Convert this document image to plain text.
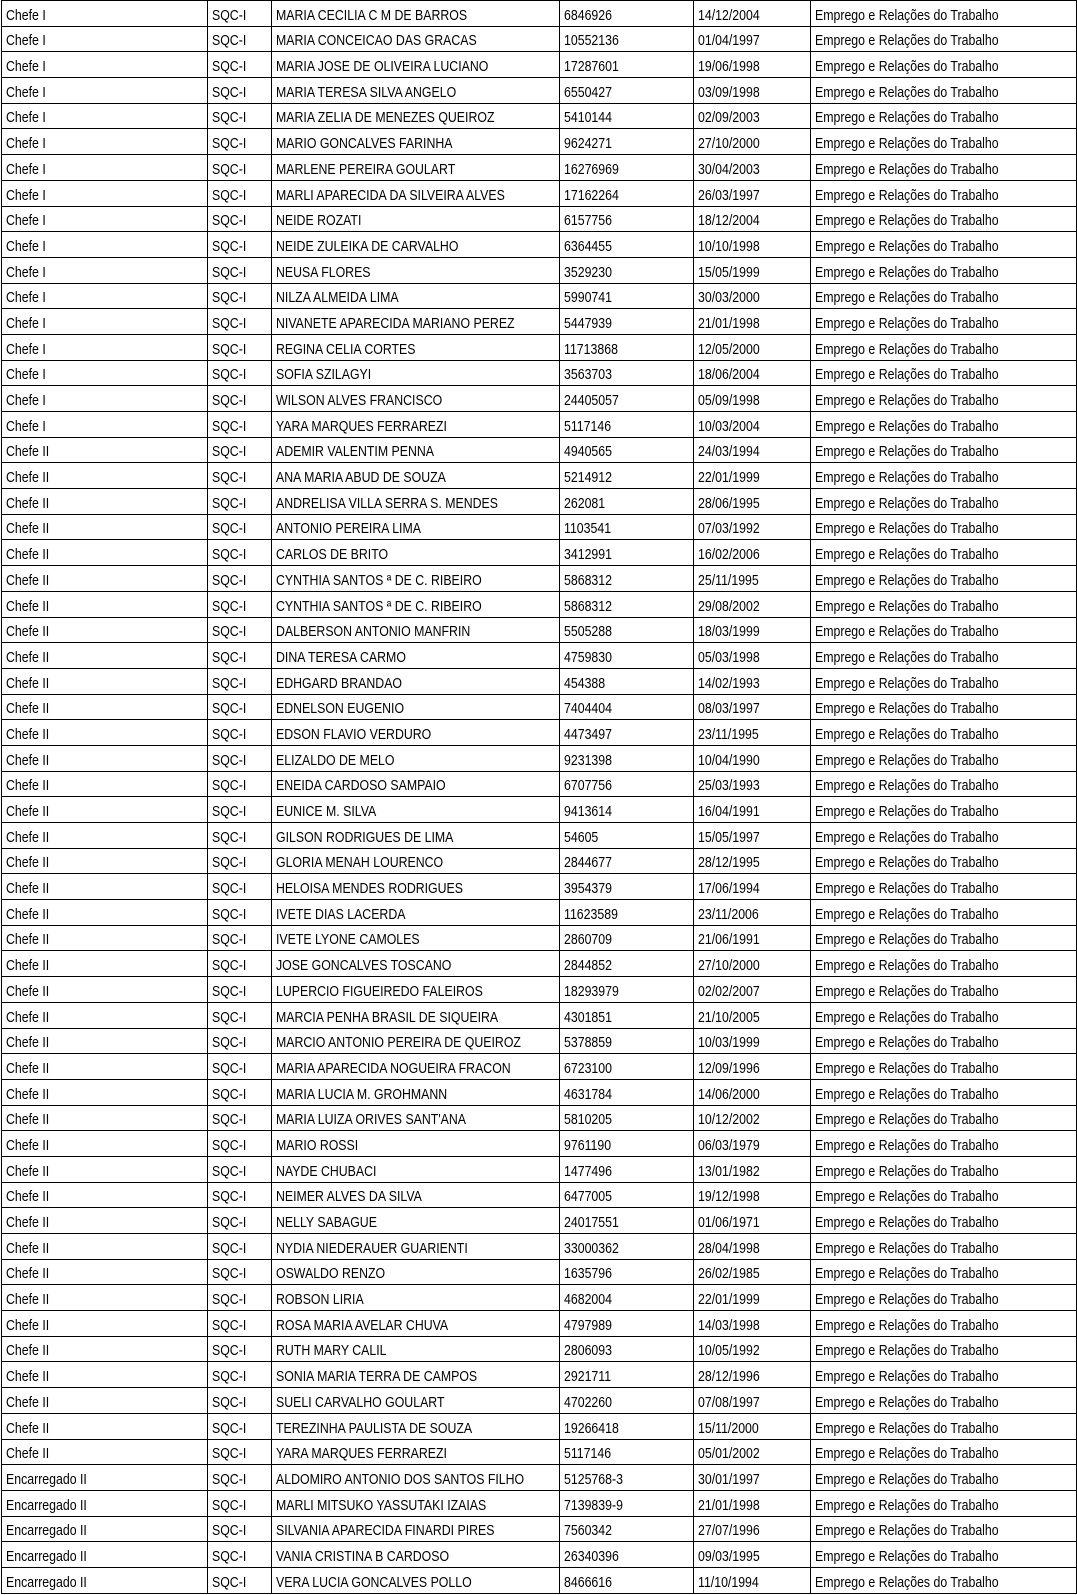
Chefe I	SQC-I	MARIA CECILIA C M DE BARROS	6846926	14/12/2004	Emprego e Relações do Trabalho
Chefe I	SQC-I	MARIA CONCEICAO DAS GRACAS	10552136	01/04/1997	Emprego e Relações do Trabalho
Chefe I	SQC-I	MARIA JOSE DE OLIVEIRA LUCIANO	17287601	19/06/1998	Emprego e Relações do Trabalho
Chefe I	SQC-I	MARIA TERESA SILVA ANGELO	6550427	03/09/1998	Emprego e Relações do Trabalho
Chefe I	SQC-I	MARIA ZELIA DE MENEZES QUEIROZ	5410144	02/09/2003	Emprego e Relações do Trabalho
Chefe I	SQC-I	MARIO GONCALVES FARINHA	9624271	27/10/2000	Emprego e Relações do Trabalho
Chefe I	SQC-I	MARLENE PEREIRA GOULART	16276969	30/04/2003	Emprego e Relações do Trabalho
Chefe I	SQC-I	MARLI APARECIDA DA SILVEIRA ALVES	17162264	26/03/1997	Emprego e Relações do Trabalho
Chefe I	SQC-I	NEIDE ROZATI	6157756	18/12/2004	Emprego e Relações do Trabalho
Chefe I	SQC-I	NEIDE ZULEIKA DE CARVALHO	6364455	10/10/1998	Emprego e Relações do Trabalho
Chefe I	SQC-I	NEUSA FLORES	3529230	15/05/1999	Emprego e Relações do Trabalho
Chefe I	SQC-I	NILZA ALMEIDA LIMA	5990741	30/03/2000	Emprego e Relações do Trabalho
Chefe I	SQC-I	NIVANETE APARECIDA MARIANO PEREZ	5447939	21/01/1998	Emprego e Relações do Trabalho
Chefe I	SQC-I	REGINA CELIA CORTES	11713868	12/05/2000	Emprego e Relações do Trabalho
Chefe I	SQC-I	SOFIA SZILAGYI	3563703	18/06/2004	Emprego e Relações do Trabalho
Chefe I	SQC-I	WILSON ALVES FRANCISCO	24405057	05/09/1998	Emprego e Relações do Trabalho
Chefe I	SQC-I	YARA MARQUES FERRAREZI	5117146	10/03/2004	Emprego e Relações do Trabalho
Chefe II	SQC-I	ADEMIR VALENTIM PENNA	4940565	24/03/1994	Emprego e Relações do Trabalho
Chefe II	SQC-I	ANA MARIA ABUD DE SOUZA	5214912	22/01/1999	Emprego e Relações do Trabalho
Chefe II	SQC-I	ANDRELISA VILLA SERRA S. MENDES	262081	28/06/1995	Emprego e Relações do Trabalho
Chefe II	SQC-I	ANTONIO PEREIRA LIMA	1103541	07/03/1992	Emprego e Relações do Trabalho
Chefe II	SQC-I	CARLOS DE BRITO	3412991	16/02/2006	Emprego e Relações do Trabalho
Chefe II	SQC-I	CYNTHIA SANTOS ª DE C. RIBEIRO	5868312	25/11/1995	Emprego e Relações do Trabalho
Chefe II	SQC-I	CYNTHIA SANTOS ª DE C. RIBEIRO	5868312	29/08/2002	Emprego e Relações do Trabalho
Chefe II	SQC-I	DALBERSON ANTONIO MANFRIN	5505288	18/03/1999	Emprego e Relações do Trabalho
Chefe II	SQC-I	DINA TERESA CARMO	4759830	05/03/1998	Emprego e Relações do Trabalho
Chefe II	SQC-I	EDHGARD BRANDAO	454388	14/02/1993	Emprego e Relações do Trabalho
Chefe II	SQC-I	EDNELSON EUGENIO	7404404	08/03/1997	Emprego e Relações do Trabalho
Chefe II	SQC-I	EDSON FLAVIO VERDURO	4473497	23/11/1995	Emprego e Relações do Trabalho
Chefe II	SQC-I	ELIZALDO DE MELO	9231398	10/04/1990	Emprego e Relações do Trabalho
Chefe II	SQC-I	ENEIDA CARDOSO SAMPAIO	6707756	25/03/1993	Emprego e Relações do Trabalho
Chefe II	SQC-I	EUNICE M. SILVA	9413614	16/04/1991	Emprego e Relações do Trabalho
Chefe II	SQC-I	GILSON RODRIGUES DE LIMA	54605	15/05/1997	Emprego e Relações do Trabalho
Chefe II	SQC-I	GLORIA MENAH LOURENCO	2844677	28/12/1995	Emprego e Relações do Trabalho
Chefe II	SQC-I	HELOISA MENDES RODRIGUES	3954379	17/06/1994	Emprego e Relações do Trabalho
Chefe II	SQC-I	IVETE DIAS LACERDA	11623589	23/11/2006	Emprego e Relações do Trabalho
Chefe II	SQC-I	IVETE LYONE CAMOLES	2860709	21/06/1991	Emprego e Relações do Trabalho
Chefe II	SQC-I	JOSE GONCALVES TOSCANO	2844852	27/10/2000	Emprego e Relações do Trabalho
Chefe II	SQC-I	LUPERCIO FIGUEIREDO FALEIROS	18293979	02/02/2007	Emprego e Relações do Trabalho
Chefe II	SQC-I	MARCIA PENHA BRASIL DE SIQUEIRA	4301851	21/10/2005	Emprego e Relações do Trabalho
Chefe II	SQC-I	MARCIO ANTONIO PEREIRA DE QUEIROZ	5378859	10/03/1999	Emprego e Relações do Trabalho
Chefe II	SQC-I	MARIA APARECIDA NOGUEIRA FRACON	6723100	12/09/1996	Emprego e Relações do Trabalho
Chefe II	SQC-I	MARIA LUCIA M. GROHMANN	4631784	14/06/2000	Emprego e Relações do Trabalho
Chefe II	SQC-I	MARIA LUIZA ORIVES SANT'ANA	5810205	10/12/2002	Emprego e Relações do Trabalho
Chefe II	SQC-I	MARIO ROSSI	9761190	06/03/1979	Emprego e Relações do Trabalho
Chefe II	SQC-I	NAYDE CHUBACI	1477496	13/01/1982	Emprego e Relações do Trabalho
Chefe II	SQC-I	NEIMER ALVES DA SILVA	6477005	19/12/1998	Emprego e Relações do Trabalho
Chefe II	SQC-I	NELLY SABAGUE	24017551	01/06/1971	Emprego e Relações do Trabalho
Chefe II	SQC-I	NYDIA NIEDERAUER GUARIENTI	33000362	28/04/1998	Emprego e Relações do Trabalho
Chefe II	SQC-I	OSWALDO RENZO	1635796	26/02/1985	Emprego e Relações do Trabalho
Chefe II	SQC-I	ROBSON LIRIA	4682004	22/01/1999	Emprego e Relações do Trabalho
Chefe II	SQC-I	ROSA MARIA AVELAR CHUVA	4797989	14/03/1998	Emprego e Relações do Trabalho
Chefe II	SQC-I	RUTH MARY CALIL	2806093	10/05/1992	Emprego e Relações do Trabalho
Chefe II	SQC-I	SONIA MARIA TERRA DE CAMPOS	2921711	28/12/1996	Emprego e Relações do Trabalho
Chefe II	SQC-I	SUELI CARVALHO GOULART	4702260	07/08/1997	Emprego e Relações do Trabalho
Chefe II	SQC-I	TEREZINHA PAULISTA DE SOUZA	19266418	15/11/2000	Emprego e Relações do Trabalho
Chefe II	SQC-I	YARA MARQUES FERRAREZI	5117146	05/01/2002	Emprego e Relações do Trabalho
Encarregado II	SQC-I	ALDOMIRO ANTONIO DOS SANTOS FILHO	5125768-3	30/01/1997	Emprego e Relações do Trabalho
Encarregado II	SQC-I	MARLI MITSUKO YASSUTAKI IZAIAS	7139839-9	21/01/1998	Emprego e Relações do Trabalho
Encarregado II	SQC-I	SILVANIA APARECIDA FINARDI PIRES	7560342	27/07/1996	Emprego e Relações do Trabalho
Encarregado II	SQC-I	VANIA CRISTINA B CARDOSO	26340396	09/03/1995	Emprego e Relações do Trabalho
Encarregado II	SQC-I	VERA LUCIA GONCALVES POLLO	8466616	11/10/1994	Emprego e Relações do Trabalho
